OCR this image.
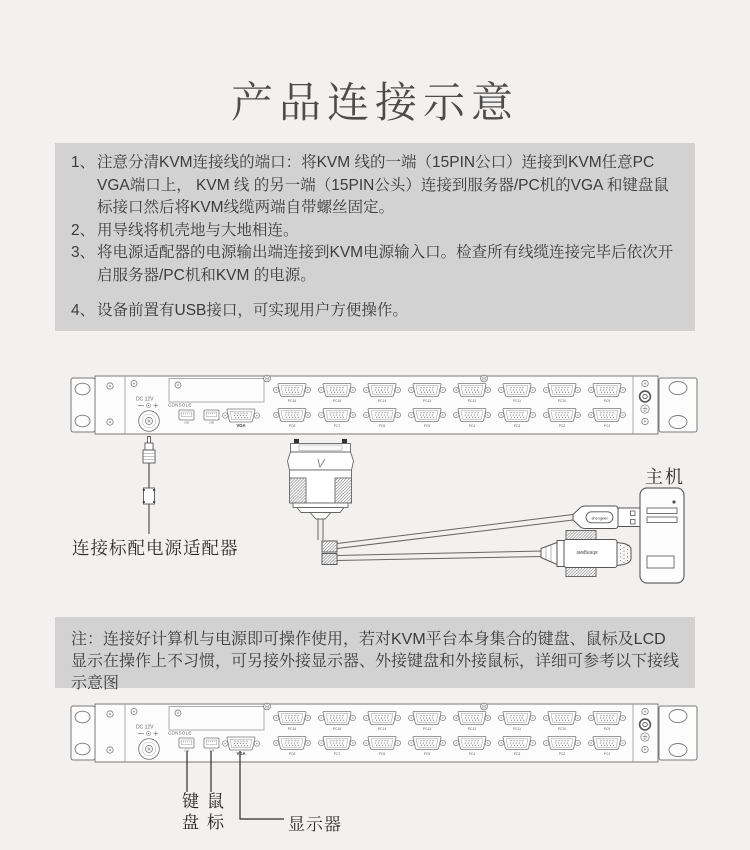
产品连接示意
1、 注意分清KVM连接线的端口：将KVM 线的一端（15PIN公口）连接到KVM任意PC VGA端口上， KVM 线 的另一端（15PIN公头）连接到服务器/PC机的VGA 和键盘鼠标接口然后将KVM线缆两端自带螺丝固定。
2、 用导线将机壳地与大地相连。
3、 将电源适配器的电源输出端连接到KVM电源输入口。检查所有线缆连接完毕后依次开启服务器/PC机和KVM 的电源。
4、 设备前置有USB接口，可实现用户方便操作。
DC 12V
CONSOLE
USB	USB	VGA
PC16	PC15	PC14	PC13	PC12	PC11	PC10	PC9
PC8	PC7	PC6	PC5	PC4	PC3	PC2	PC1
连接标配电源适配器
V
shengwei
shengwei
主机
注：连接好计算机与电源即可操作使用，若对KVM平台本身集合的键盘、鼠标及LCD显示在操作上不习惯，可另接外接显示器、外接键盘和外接鼠标，详细可参考以下接线示意图
DC 12V
CONSOLE
USB	USB	VGA
PC16	PC15	PC14	PC13	PC12	PC11	PC10	PC9
PC8	PC7	PC6	PC5	PC4	PC3	PC2	PC1
键盘 鼠标	显示器
